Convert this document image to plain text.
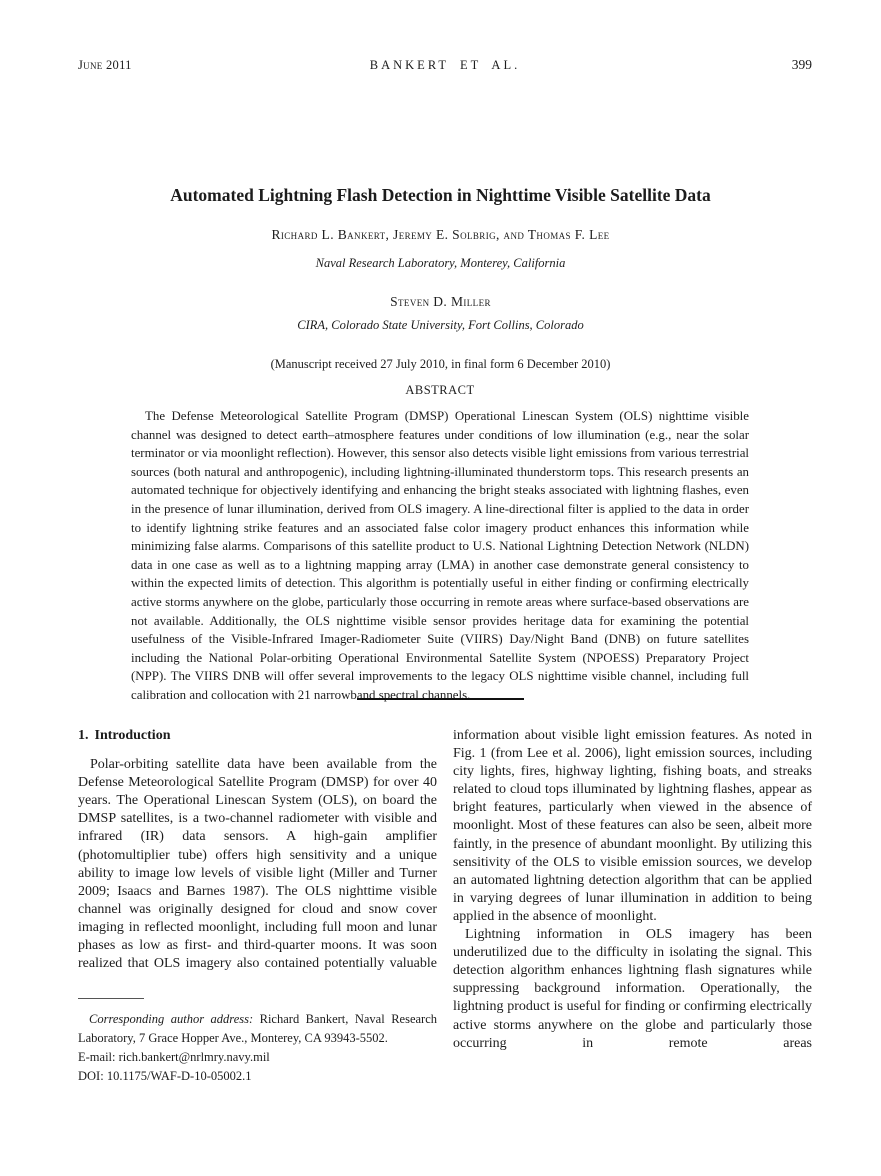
June 2011	BANKERT ET AL.	399
Automated Lightning Flash Detection in Nighttime Visible Satellite Data
Richard L. Bankert, Jeremy E. Solbrig, and Thomas F. Lee
Naval Research Laboratory, Monterey, California
Steven D. Miller
CIRA, Colorado State University, Fort Collins, Colorado
(Manuscript received 27 July 2010, in final form 6 December 2010)
ABSTRACT

The Defense Meteorological Satellite Program (DMSP) Operational Linescan System (OLS) nighttime visible channel was designed to detect earth–atmosphere features under conditions of low illumination (e.g., near the solar terminator or via moonlight reflection). However, this sensor also detects visible light emissions from various terrestrial sources (both natural and anthropogenic), including lightning-illuminated thunderstorm tops. This research presents an automated technique for objectively identifying and enhancing the bright steaks associated with lightning flashes, even in the presence of lunar illumination, derived from OLS imagery. A line-directional filter is applied to the data in order to identify lightning strike features and an associated false color imagery product enhances this information while minimizing false alarms. Comparisons of this satellite product to U.S. National Lightning Detection Network (NLDN) data in one case as well as to a lightning mapping array (LMA) in another case demonstrate general consistency to within the expected limits of detection. This algorithm is potentially useful in either finding or confirming electrically active storms anywhere on the globe, particularly those occurring in remote areas where surface-based observations are not available. Additionally, the OLS nighttime visible sensor provides heritage data for examining the potential usefulness of the Visible-Infrared Imager-Radiometer Suite (VIIRS) Day/Night Band (DNB) on future satellites including the National Polar-orbiting Operational Environmental Satellite System (NPOESS) Preparatory Project (NPP). The VIIRS DNB will offer several improvements to the legacy OLS nighttime visible channel, including full calibration and collocation with 21 narrowband spectral channels.

1. Introduction

Polar-orbiting satellite data have been available from the Defense Meteorological Satellite Program (DMSP) for over 40 years. The Operational Linescan System (OLS), on board the DMSP satellites, is a two-channel radiometer with visible and infrared (IR) data sensors. A high-gain amplifier (photomultiplier tube) offers high sensitivity and a unique ability to image low levels of visible light (Miller and Turner 2009; Isaacs and Barnes 1987). The OLS nighttime visible channel was originally designed for cloud and snow cover imaging in reflected moonlight, including full moon and lunar phases as low as first- and third-quarter moons. It was soon realized that OLS imagery also contained potentially valuable

Corresponding author address: Richard Bankert, Naval Research Laboratory, 7 Grace Hopper Ave., Monterey, CA 93943-5502.
E-mail: rich.bankert@nrlmry.navy.mil

DOI: 10.1175/WAF-D-10-05002.1

information about visible light emission features. As noted in Fig. 1 (from Lee et al. 2006), light emission sources, including city lights, fires, highway lighting, fishing boats, and streaks related to cloud tops illuminated by lightning flashes, appear as bright features, particularly when viewed in the absence of moonlight. Most of these features can also be seen, albeit more faintly, in the presence of abundant moonlight. By utilizing this sensitivity of the OLS to visible emission sources, we develop an automated lightning detection algorithm that can be applied in varying degrees of lunar illumination in addition to being applied in the absence of moonlight.

Lightning information in OLS imagery has been underutilized due to the difficulty in isolating the signal. This detection algorithm enhances lightning flash signatures while suppressing background information. Operationally, the lightning product is useful for finding or confirming electrically active storms anywhere on the globe and particularly those occurring in remote areas
